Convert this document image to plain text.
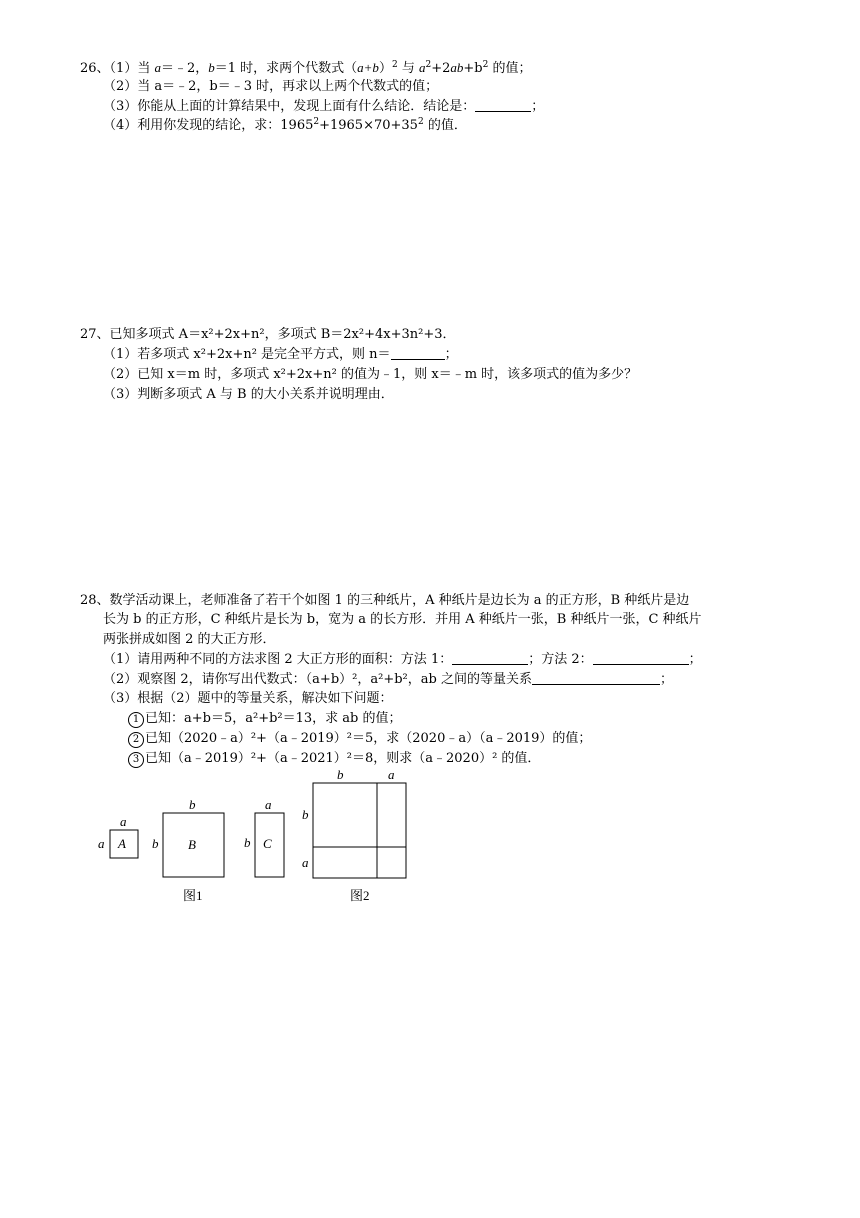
26、（1）当 a＝﹣2，b＝1 时，求两个代数式$(a+b)^2$ 与 $a^2+2ab+b^2$ 的值；
（2）当 a＝﹣2，b＝﹣3 时，再求以上两个代数式的值；
（3）你能从上面的计算结果中，发现上面有什么结论．结论是：	；
（4）利用你发现的结论，求：$1965^2+1965\times 70+35^2$ 的值．
27、已知多项式 A＝x²+2x+n²，多项式 B＝2x²+4x+3n²+3．
（1）若多项式 x²+2x+n² 是完全平方式，则 n＝	；
（2）已知 x＝m 时，多项式 x²+2x+n² 的值为﹣1，则 x＝﹣m 时，该多项式的值为多少？
（3）判断多项式 A 与 B 的大小关系并说明理由．
28、数学活动课上，老师准备了若干个如图 1 的三种纸片，A 种纸片是边长为 a 的正方形，B 种纸片是边
长为 b 的正方形，C 种纸片是长为 b，宽为 a 的长方形．并用 A 种纸片一张，B 种纸片一张，C 种纸片
两张拼成如图 2 的大正方形．
（1）请用两种不同的方法求图 2 大正方形的面积：方法 1：	；方法 2：	；
（2）观察图 2，请你写出代数式：（a+b）²，a²+b²，ab 之间的等量关系	；
（3）根据（2）题中的等量关系，解决如下问题：
1 已知：a+b＝5，a²+b²＝13，求 ab 的值；
2 已知（2020﹣a）²+（a﹣2019）²＝5，求（2020﹣a）（a﹣2019）的值；
3 已知（a﹣2019）²+（a﹣2021）²＝8，则求（a﹣2020）² 的值．
a
a A
b
b B
a
b C
b	a
b
a
图1	图2
